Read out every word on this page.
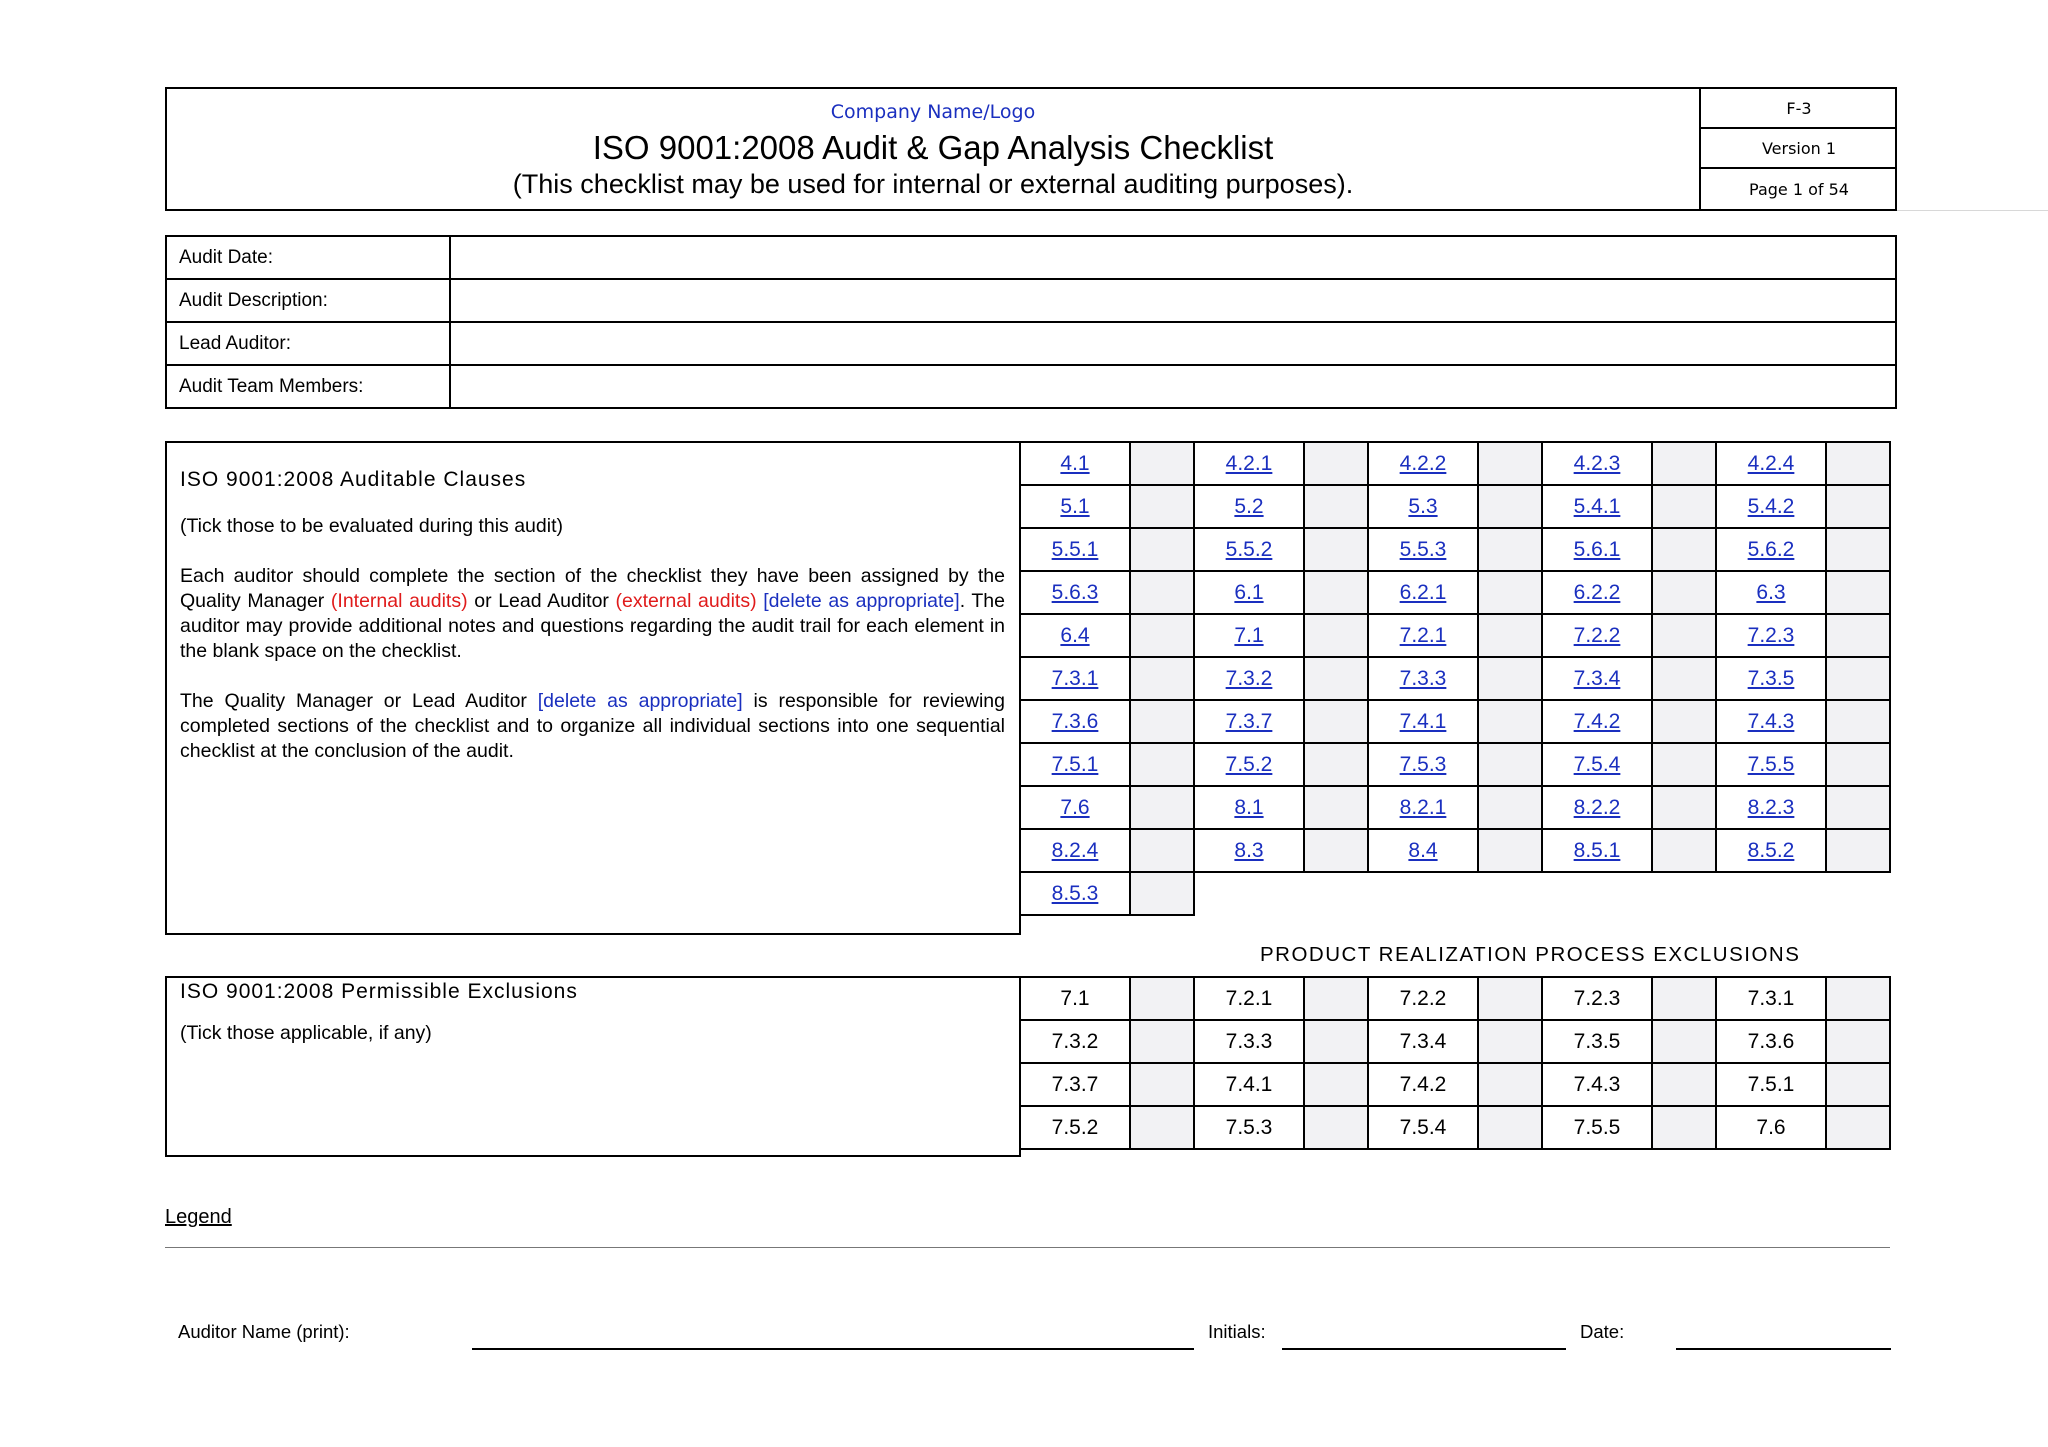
Company Name/Logo
ISO 9001:2008 Audit & Gap Analysis Checklist
(This checklist may be used for internal or external auditing purposes).
F-3
Version 1
Page 1 of 54
Audit Date:	
Audit Description:	
Lead Auditor:	
Audit Team Members:	
ISO 9001:2008 Auditable Clauses

(Tick those to be evaluated during this audit)

Each auditor should complete the section of the checklist they have been assigned by the Quality Manager (Internal audits) or Lead Auditor (external audits) [delete as appropriate]. The auditor may provide additional notes and questions regarding the audit trail for each element in the blank space on the checklist.

The Quality Manager or Lead Auditor [delete as appropriate] is responsible for reviewing completed sections of the checklist and to organize all individual sections into one sequential checklist at the conclusion of the audit.

4.1		4.2.1		4.2.2		4.2.3		4.2.4	
5.1		5.2		5.3		5.4.1		5.4.2	
5.5.1		5.5.2		5.5.3		5.6.1		5.6.2	
5.6.3		6.1		6.2.1		6.2.2		6.3	
6.4		7.1		7.2.1		7.2.2		7.2.3	
7.3.1		7.3.2		7.3.3		7.3.4		7.3.5	
7.3.6		7.3.7		7.4.1		7.4.2		7.4.3	
7.5.1		7.5.2		7.5.3		7.5.4		7.5.5	
7.6		8.1		8.2.1		8.2.2		8.2.3	
8.2.4		8.3		8.4		8.5.1		8.5.2	
8.5.3									
PRODUCT REALIZATION PROCESS EXCLUSIONS
ISO 9001:2008 Permissible Exclusions
(Tick those applicable, if any)
7.1		7.2.1		7.2.2		7.2.3		7.3.1	
7.3.2		7.3.3		7.3.4		7.3.5		7.3.6	
7.3.7		7.4.1		7.4.2		7.4.3		7.5.1	
7.5.2		7.5.3		7.5.4		7.5.5		7.6	
Legend
Auditor Name (print):	Initials:	Date:
